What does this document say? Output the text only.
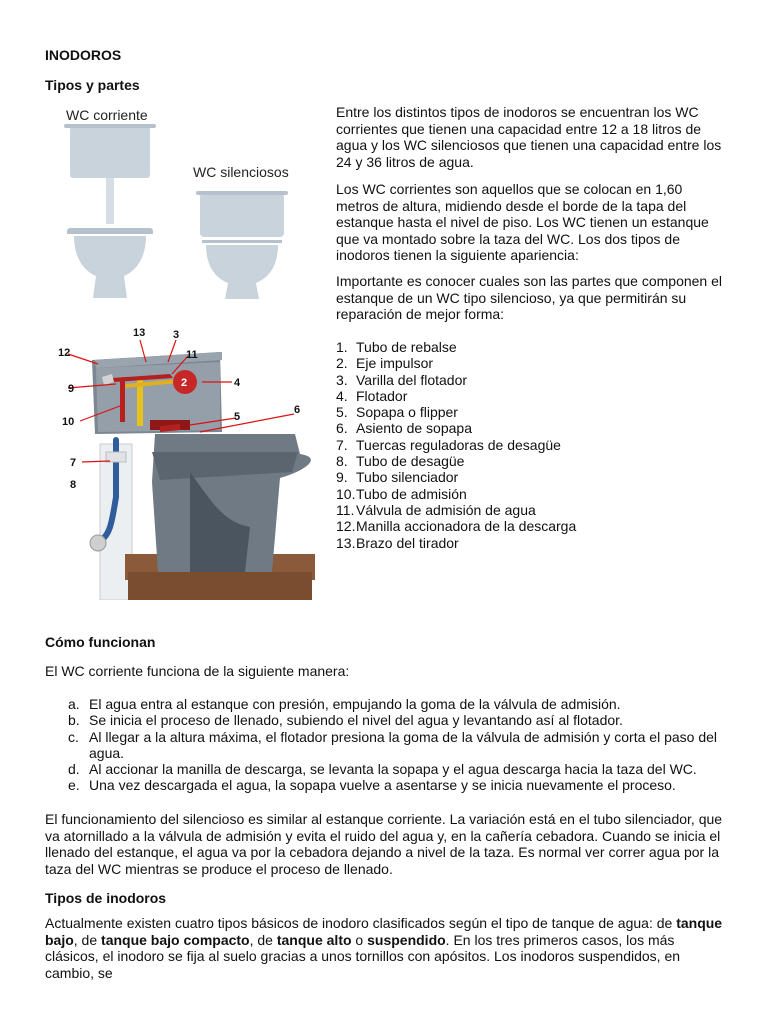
INODOROS
Tipos y partes
WC corriente
WC silenciosos
Entre los distintos tipos de inodoros se encuentran los WC corrientes que tienen una capacidad entre 12 a 18 litros de agua y los WC silenciosos que tienen una capacidad entre los 24 y 36 litros de agua.
Los WC corrientes son aquellos que se colocan en 1,60 metros de altura, midiendo desde el borde de la tapa del estanque hasta el nivel de piso. Los WC tienen un estanque que va montado sobre la taza del WC. Los dos tipos de inodoros tienen la siguiente apariencia:
Importante es conocer cuales son las partes que componen el estanque de un WC tipo silencioso, ya que permitirán su reparación de mejor forma:
13	3
12	11
2
9	4
10	5
6
7
8
1. Tubo de rebalse
2. Eje impulsor
3. Varilla del flotador
4. Flotador
5. Sopapa o flipper
6. Asiento de sopapa
7. Tuercas reguladoras de desagüe
8. Tubo de desagüe
9. Tubo silenciador
10. Tubo de admisión
11. Válvula de admisión de agua
12. Manilla accionadora de la descarga
13. Brazo del tirador
Cómo funcionan
El WC corriente funciona de la siguiente manera:
a. El agua entra al estanque con presión, empujando la goma de la válvula de admisión.
b. Se inicia el proceso de llenado, subiendo el nivel del agua y levantando así al flotador.
c. Al llegar a la altura máxima, el flotador presiona la goma de la válvula de admisión y corta el paso del agua.
d. Al accionar la manilla de descarga, se levanta la sopapa y el agua descarga hacia la taza del WC.
e. Una vez descargada el agua, la sopapa vuelve a asentarse y se inicia nuevamente el proceso.
El funcionamiento del silencioso es similar al estanque corriente. La variación está en el tubo silenciador, que va atornillado a la válvula de admisión y evita el ruido del agua y, en la cañería cebadora. Cuando se inicia el llenado del estanque, el agua va por la cebadora dejando a nivel de la taza. Es normal ver correr agua por la taza del WC mientras se produce el proceso de llenado.
Tipos de inodoros
Actualmente existen cuatro tipos básicos de inodoro clasificados según el tipo de tanque de agua: de tanque bajo, de tanque bajo compacto, de tanque alto o suspendido. En los tres primeros casos, los más clásicos, el inodoro se fija al suelo gracias a unos tornillos con apósitos. Los inodoros suspendidos, en cambio, se
